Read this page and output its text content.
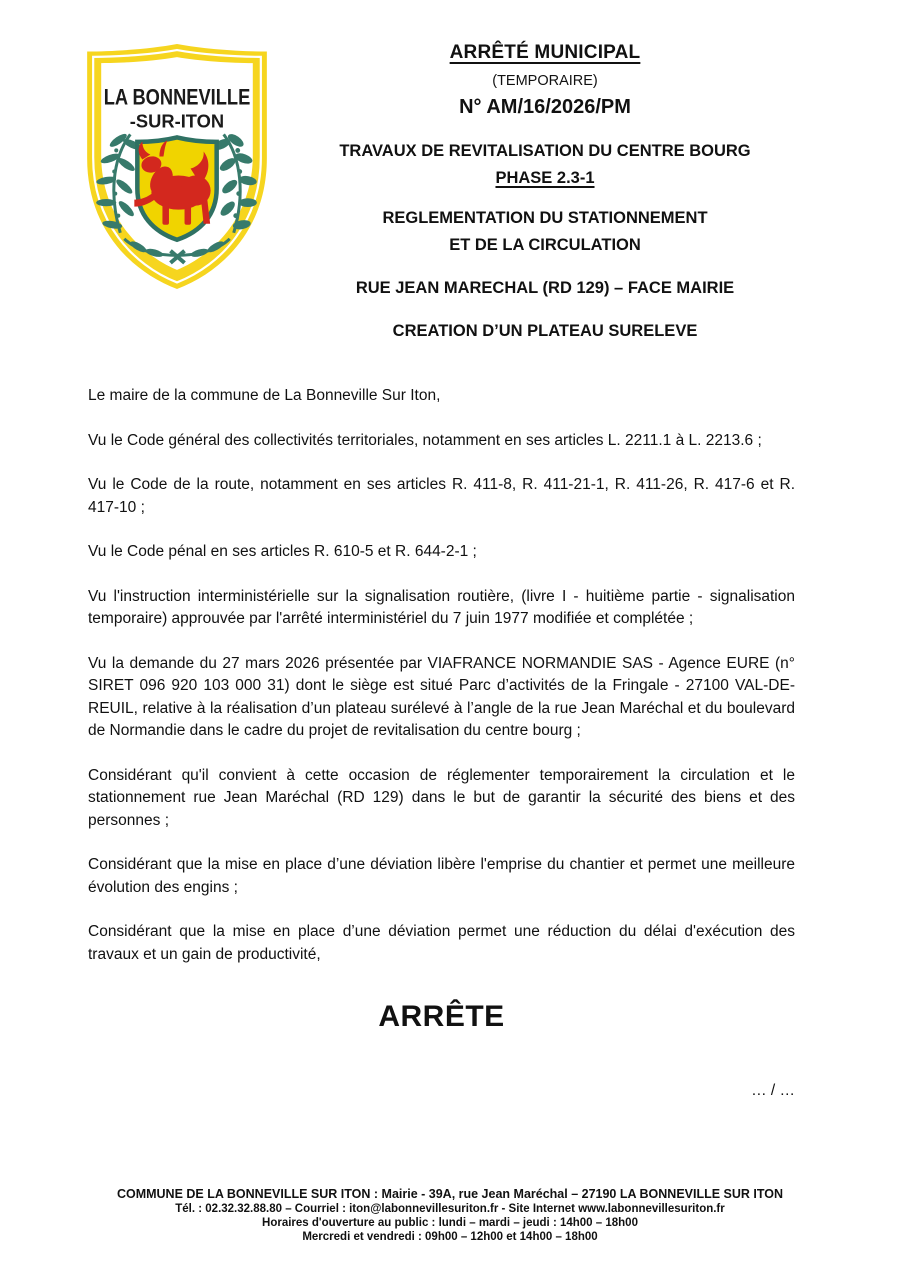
LA BONNEVILLE
-SUR-ITON
ARRÊTÉ MUNICIPAL
(TEMPORAIRE)
N° AM/16/2026/PM
TRAVAUX DE REVITALISATION DU CENTRE BOURG
PHASE 2.3-1
REGLEMENTATION DU STATIONNEMENT
ET DE LA CIRCULATION
RUE JEAN MARECHAL (RD 129) – FACE MAIRIE
CREATION D’UN PLATEAU SURELEVE

Le maire de la commune de La Bonneville Sur Iton,

Vu le Code général des collectivités territoriales, notamment en ses articles L. 2211.1 à L. 2213.6 ;

Vu le Code de la route, notamment en ses articles R. 411-8, R. 411-21-1, R. 411-26, R. 417-6 et R. 417-10 ;

Vu le Code pénal en ses articles R. 610-5 et R. 644-2-1 ;

Vu l'instruction interministérielle sur la signalisation routière, (livre I - huitième partie - signalisation temporaire) approuvée par l'arrêté interministériel du 7 juin 1977 modifiée et complétée ;

Vu la demande du 27 mars 2026 présentée par VIAFRANCE NORMANDIE SAS - Agence EURE (n° SIRET 096 920 103 000 31) dont le siège est situé Parc d’activités de la Fringale - 27100 VAL-DE-REUIL, relative à la réalisation d’un plateau surélevé à l’angle de la rue Jean Maréchal et du boulevard de Normandie dans le cadre du projet de revitalisation du centre bourg ;

Considérant qu'il convient à cette occasion de réglementer temporairement la circulation et le stationnement rue Jean Maréchal (RD 129) dans le but de garantir la sécurité des biens et des personnes ;

Considérant que la mise en place d’une déviation libère l'emprise du chantier et permet une meilleure évolution des engins ;

Considérant que la mise en place d’une déviation permet une réduction du délai d'exécution des travaux et un gain de productivité,

ARRÊTE
… / …
COMMUNE DE LA BONNEVILLE SUR ITON : Mairie - 39A, rue Jean Maréchal – 27190 LA BONNEVILLE SUR ITON
Tél. : 02.32.32.88.80 – Courriel : iton@labonnevillesuriton.fr - Site Internet www.labonnevillesuriton.fr
Horaires d'ouverture au public : lundi – mardi – jeudi : 14h00 – 18h00
Mercredi et vendredi : 09h00 – 12h00 et 14h00 – 18h00
